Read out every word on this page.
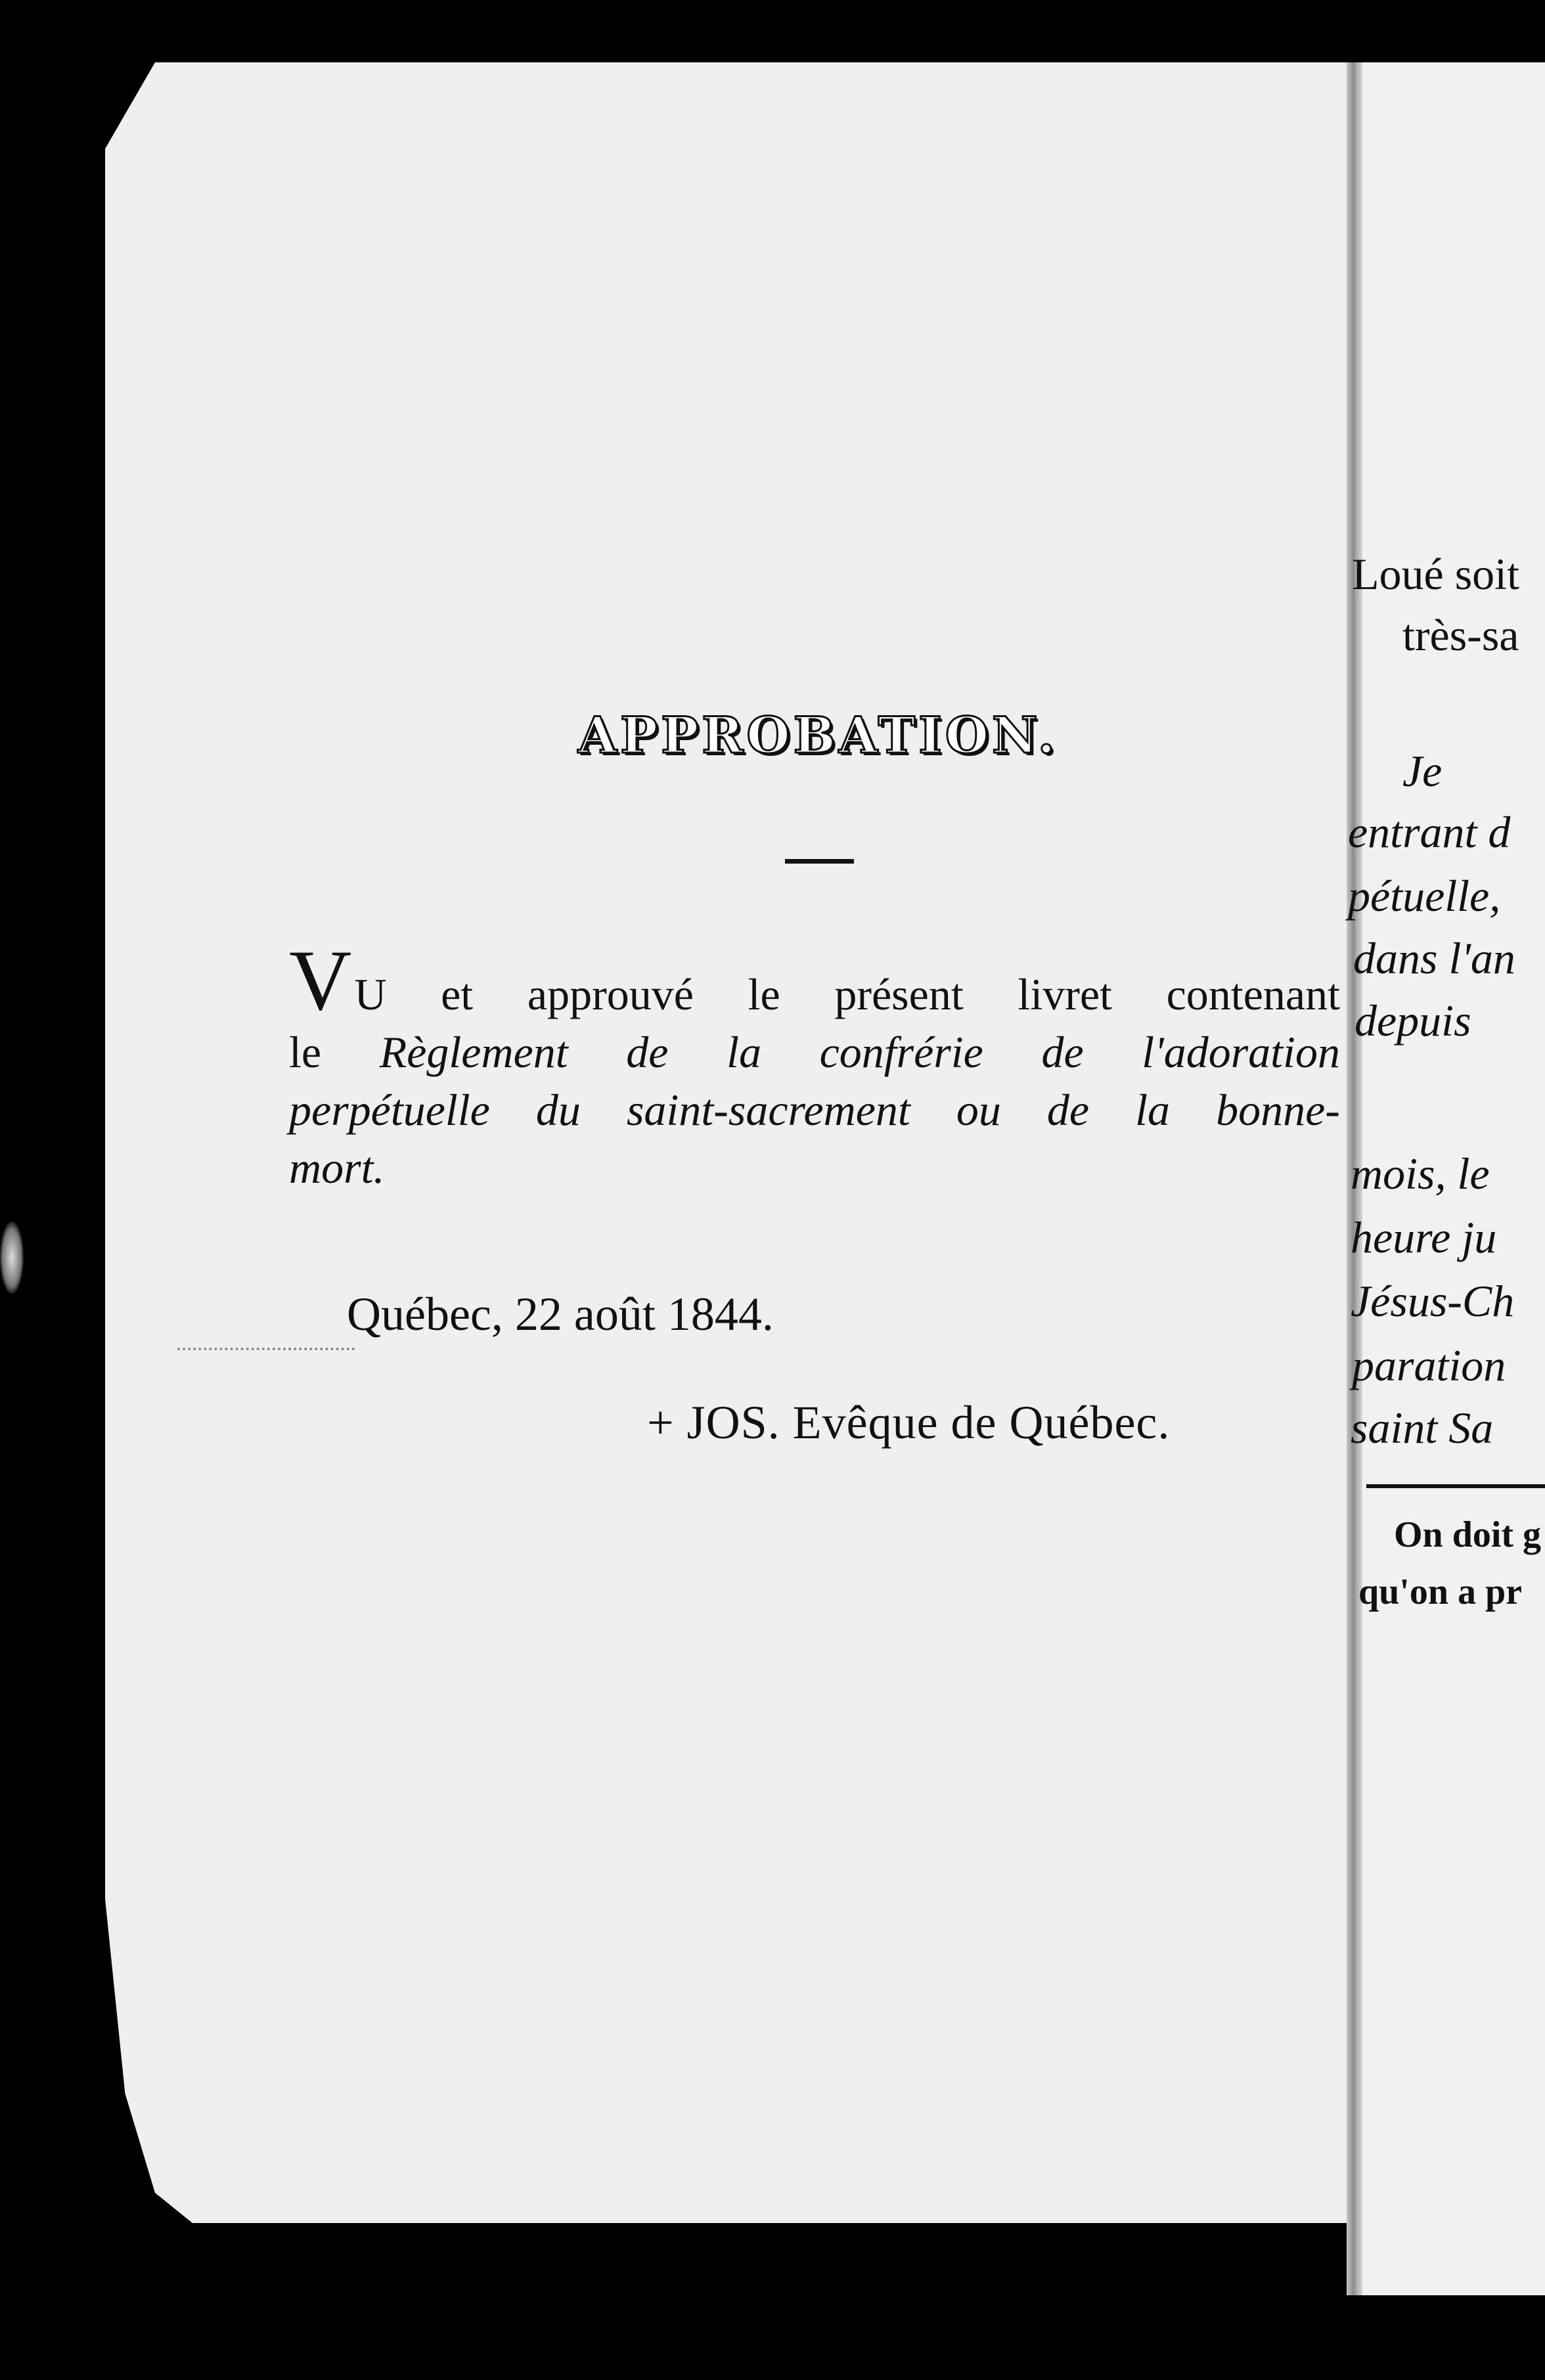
APPROBATION.
VU et approuvé le présent livret contenant
le Règlement de la confrérie de l'adoration
perpétuelle du saint-sacrement ou de la bonne-
mort.
Québec, 22 août 1844.
+ JOS. Evêque de Québec.
Loué soit
très-sa
Je
entrant d
pétuelle,
dans l'an
depuis
mois, le
heure ju
Jésus-Ch
paration
saint Sa
On doit g
qu'on a pr
